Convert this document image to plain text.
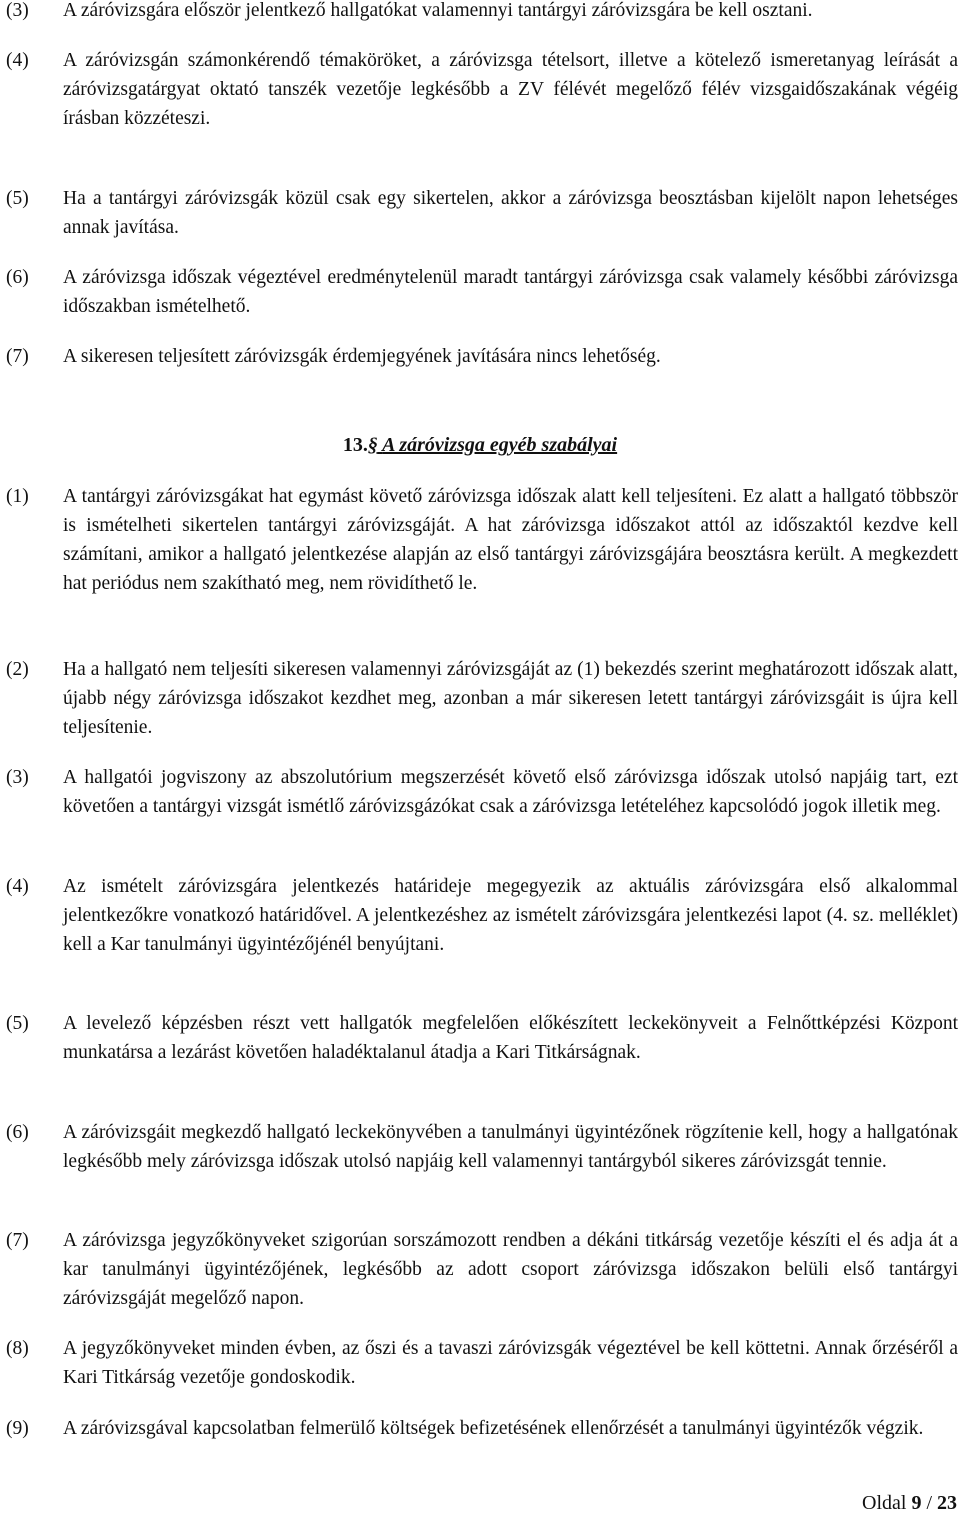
(3)	A záróvizsgára először jelentkező hallgatókat valamennyi tantárgyi záróvizsgára be kell osztani.
(4)	A záróvizsgán számonkérendő témaköröket, a záróvizsga tételsort, illetve a kötelező ismeretanyag leírását a záróvizsgatárgyat oktató tanszék vezetője legkésőbb a ZV félévét megelőző félév vizsgaidőszakának végéig írásban közzéteszi.
(5)	Ha a tantárgyi záróvizsgák közül csak egy sikertelen, akkor a záróvizsga beosztásban kijelölt napon lehetséges annak javítása.
(6)	A záróvizsga időszak végeztével eredménytelenül maradt tantárgyi záróvizsga csak valamely későbbi záróvizsga időszakban ismételhető.
(7)	A sikeresen teljesített záróvizsgák érdemjegyének javítására nincs lehetőség.
13.§ A záróvizsga egyéb szabályai
(1)	A tantárgyi záróvizsgákat hat egymást követő záróvizsga időszak alatt kell teljesíteni. Ez alatt a hallgató többször is ismételheti sikertelen tantárgyi záróvizsgáját. A hat záróvizsga időszakot attól az időszaktól kezdve kell számítani, amikor a hallgató jelentkezése alapján az első tantárgyi záróvizsgájára beosztásra került. A megkezdett hat periódus nem szakítható meg, nem rövidíthető le.
(2)	Ha a hallgató nem teljesíti sikeresen valamennyi záróvizsgáját az (1) bekezdés szerint meghatározott időszak alatt, újabb négy záróvizsga időszakot kezdhet meg, azonban a már sikeresen letett tantárgyi záróvizsgáit is újra kell teljesítenie.
(3)	A hallgatói jogviszony az abszolutórium megszerzését követő első záróvizsga időszak utolsó napjáig tart, ezt követően a tantárgyi vizsgát ismétlő záróvizsgázókat csak a záróvizsga letételéhez kapcsolódó jogok illetik meg.
(4)	Az ismételt záróvizsgára jelentkezés határideje megegyezik az aktuális záróvizsgára első alkalommal jelentkezőkre vonatkozó határidővel. A jelentkezéshez az ismételt záróvizsgára jelentkezési lapot (4. sz. melléklet) kell a Kar tanulmányi ügyintézőjénél benyújtani.
(5)	A levelező képzésben részt vett hallgatók megfelelően előkészített leckekönyveit a Felnőttképzési Központ munkatársa a lezárást követően haladéktalanul átadja a Kari Titkárságnak.
(6)	A záróvizsgáit megkezdő hallgató leckekönyvében a tanulmányi ügyintézőnek rögzítenie kell, hogy a hallgatónak legkésőbb mely záróvizsga időszak utolsó napjáig kell valamennyi tantárgyból sikeres záróvizsgát tennie.
(7)	A záróvizsga jegyzőkönyveket szigorúan sorszámozott rendben a dékáni titkárság vezetője készíti el és adja át a kar tanulmányi ügyintézőjének, legkésőbb az adott csoport záróvizsga időszakon belüli első tantárgyi záróvizsgáját megelőző napon.
(8)	A jegyzőkönyveket minden évben, az őszi és a tavaszi záróvizsgák végeztével be kell köttetni. Annak őrzéséről a Kari Titkárság vezetője gondoskodik.
(9)	A záróvizsgával kapcsolatban felmerülő költségek befizetésének ellenőrzését a tanulmányi ügyintézők végzik.
Oldal 9 / 23
